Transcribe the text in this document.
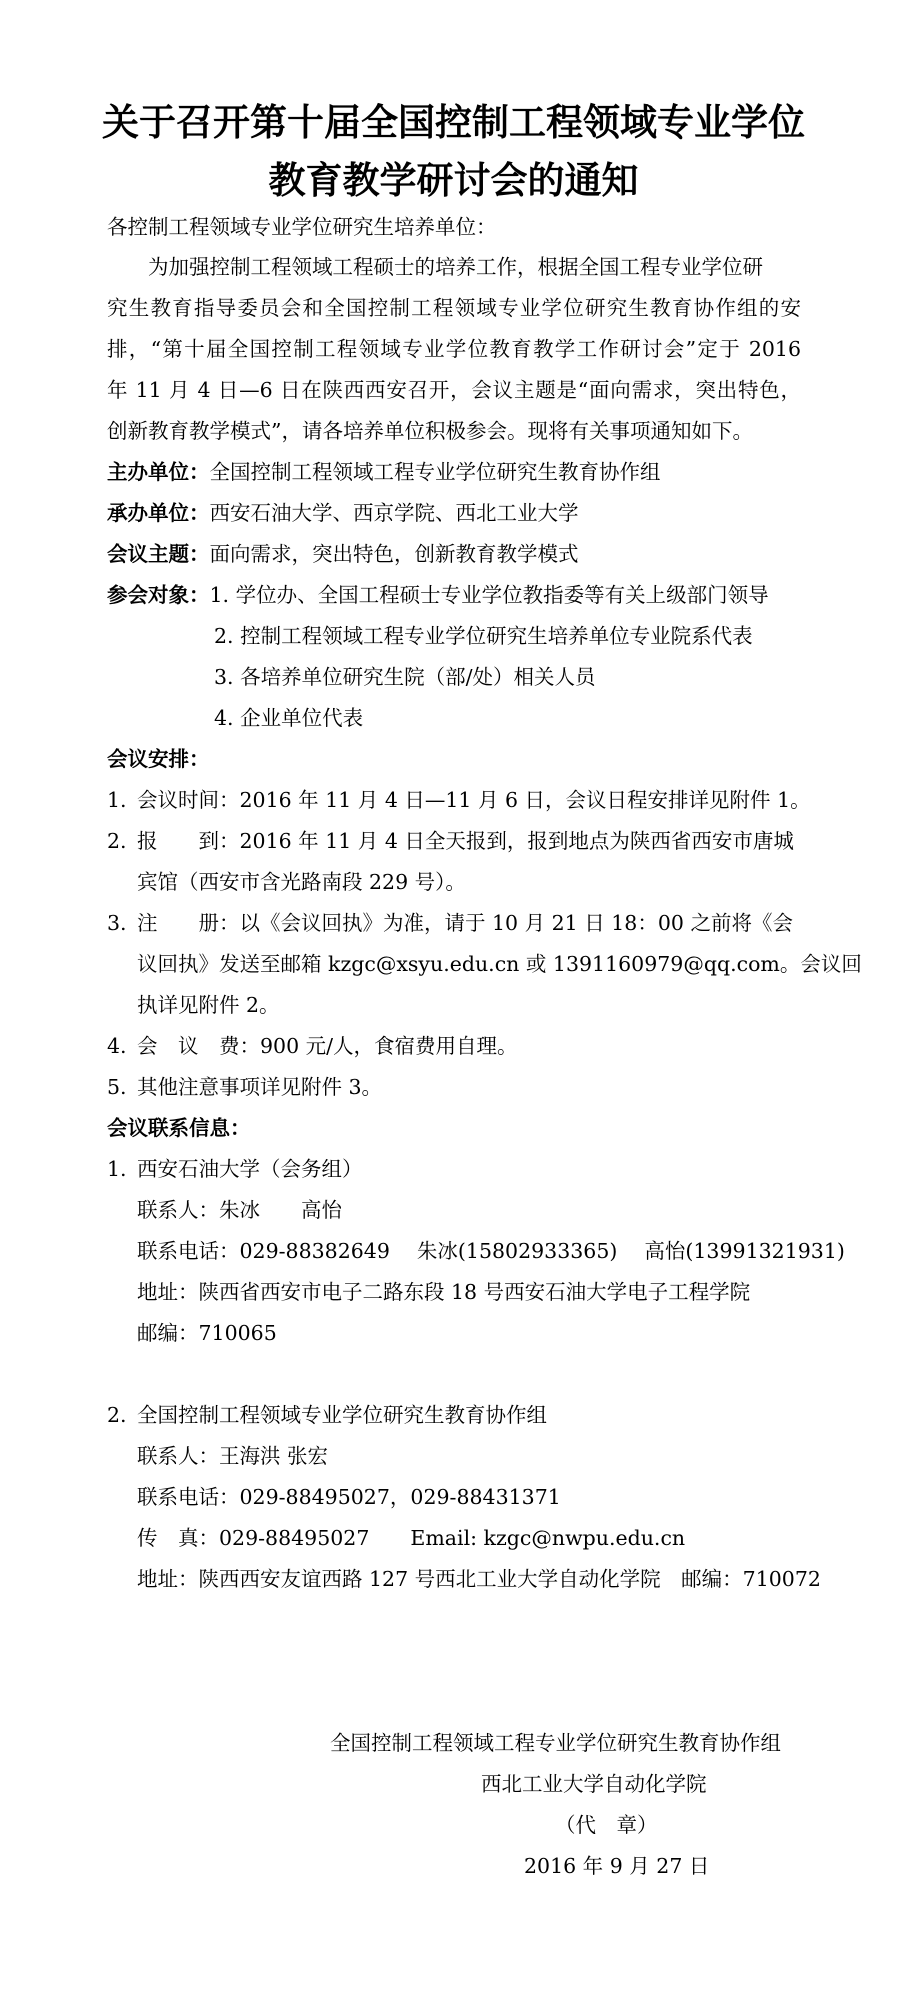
关于召开第十届全国控制工程领域专业学位
教育教学研讨会的通知
各控制工程领域专业学位研究生培养单位：
为加强控制工程领域工程硕士的培养工作，根据全国工程专业学位研
究生教育指导委员会和全国控制工程领域专业学位研究生教育协作组的安
排，“第十届全国控制工程领域专业学位教育教学工作研讨会”定于 2016
年 11 月 4 日—6 日在陕西西安召开，会议主题是“面向需求，突出特色，
创新教育教学模式”，请各培养单位积极参会。现将有关事项通知如下。
主办单位：全国控制工程领域工程专业学位研究生教育协作组
承办单位：西安石油大学、西京学院、西北工业大学
会议主题：面向需求，突出特色，创新教育教学模式
参会对象：1. 学位办、全国工程硕士专业学位教指委等有关上级部门领导
2. 控制工程领域工程专业学位研究生培养单位专业院系代表
3. 各培养单位研究生院（部/处）相关人员
4. 企业单位代表
会议安排：
1. 会议时间：2016 年 11 月 4 日—11 月 6 日，会议日程安排详见附件 1。
2. 报　　到：2016 年 11 月 4 日全天报到，报到地点为陕西省西安市唐城
宾馆（西安市含光路南段 229 号）。
3. 注　　册：以《会议回执》为准，请于 10 月 21 日 18：00 之前将《会
议回执》发送至邮箱 kzgc@xsyu.edu.cn 或 1391160979@qq.com。会议回
执详见附件 2。
4. 会　议　费：900 元/人，食宿费用自理。
5. 其他注意事项详见附件 3。
会议联系信息：
1. 西安石油大学（会务组）
联系人：朱冰　　高怡
联系电话：029-88382649　 朱冰(15802933365)　 高怡(13991321931)
地址：陕西省西安市电子二路东段 18 号西安石油大学电子工程学院
邮编：710065
2. 全国控制工程领域专业学位研究生教育协作组
联系人：王海洪 张宏
联系电话：029-88495027，029-88431371
传　真：029-88495027　　Email: kzgc@nwpu.edu.cn
地址：陕西西安友谊西路 127 号西北工业大学自动化学院　邮编：710072
全国控制工程领域工程专业学位研究生教育协作组
西北工业大学自动化学院
（代　章）
2016 年 9 月 27 日
